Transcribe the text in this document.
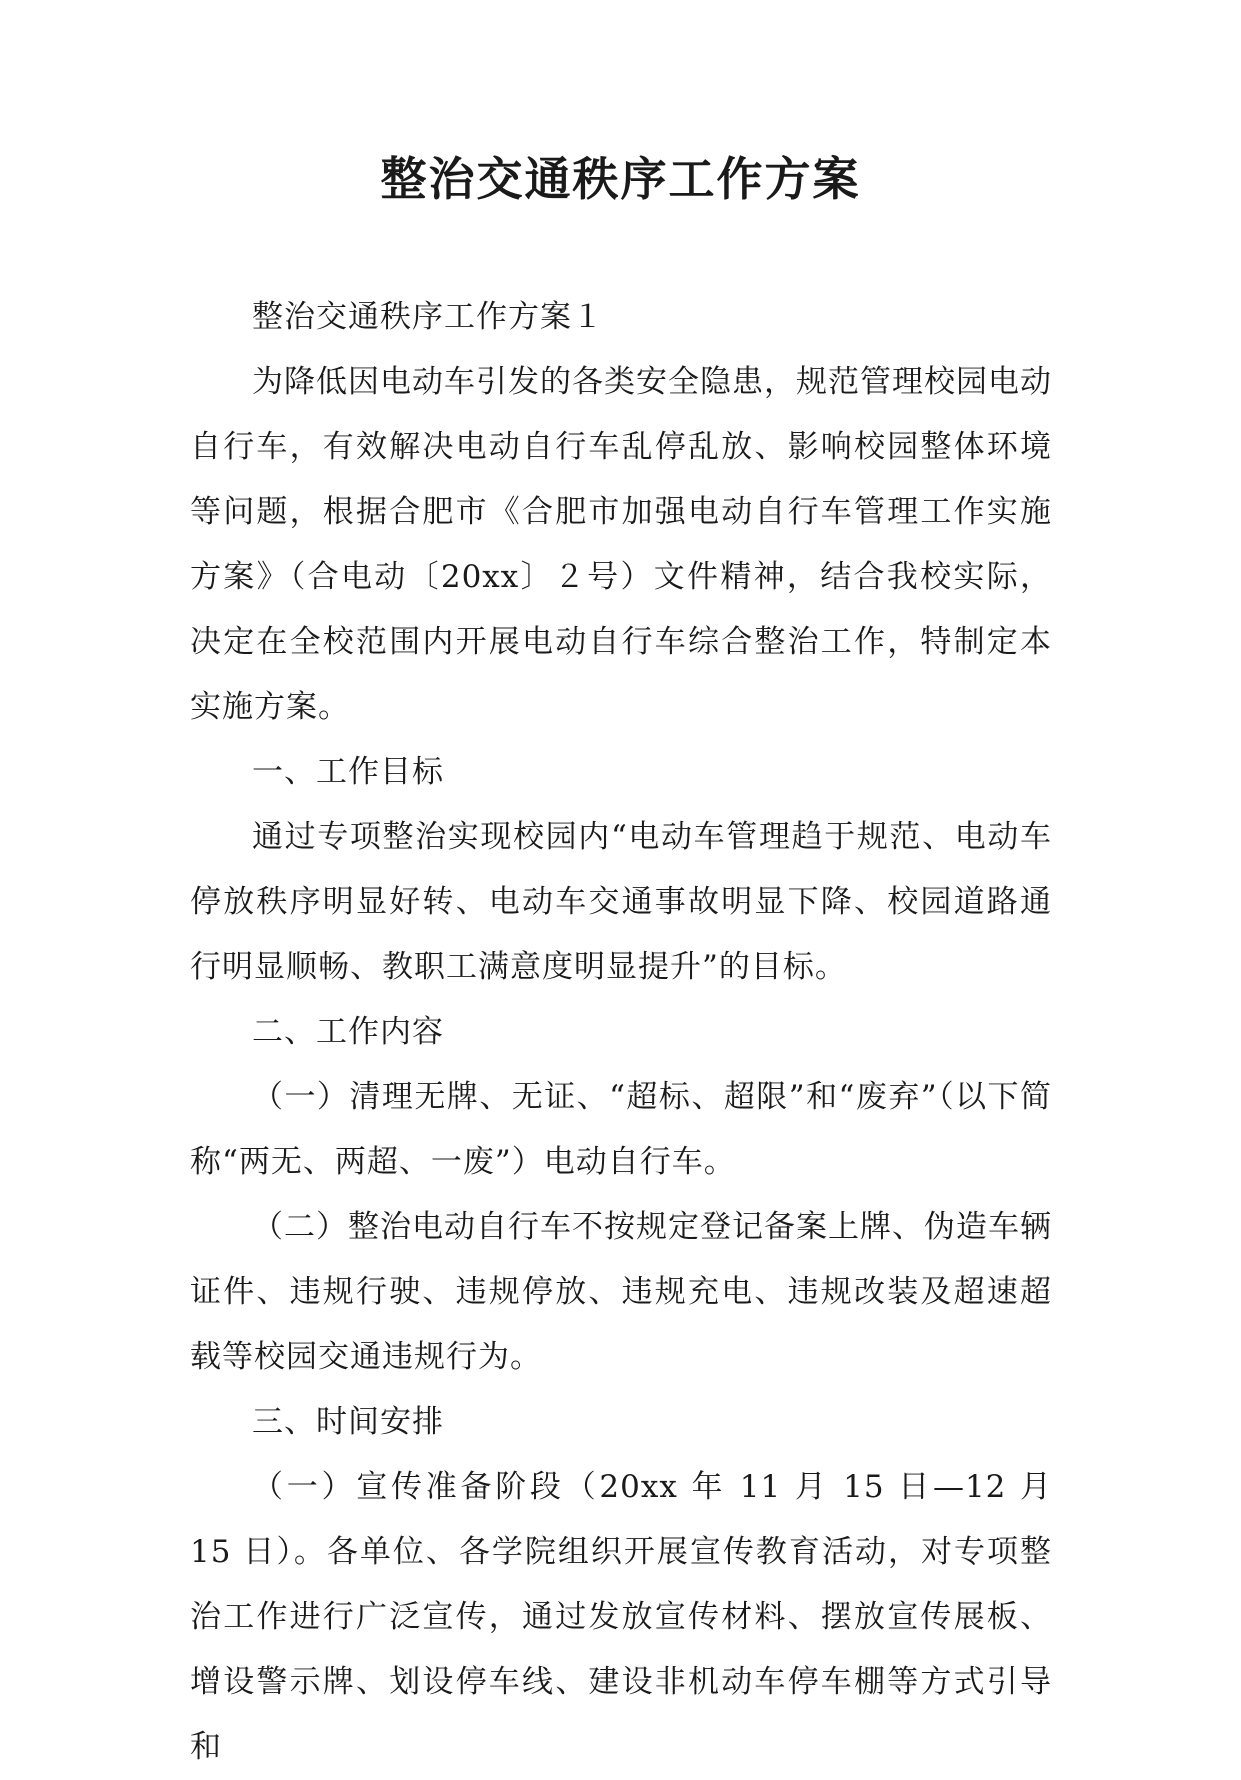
整治交通秩序工作方案

整治交通秩序工作方案１

为降低因电动车引发的各类安全隐患，规范管理校园电动自行车，有效解决电动自行车乱停乱放、影响校园整体环境等问题，根据合肥市《合肥市加强电动自行车管理工作实施方案》（合电动〔20xx〕２号）文件精神，结合我校实际，决定在全校范围内开展电动自行车综合整治工作，特制定本实施方案。

一、工作目标

通过专项整治实现校园内“电动车管理趋于规范、电动车停放秩序明显好转、电动车交通事故明显下降、校园道路通行明显顺畅、教职工满意度明显提升”的目标。

二、工作内容

（一）清理无牌、无证、“超标、超限”和“废弃”（以下简称“两无、两超、一废”）电动自行车。

（二）整治电动自行车不按规定登记备案上牌、伪造车辆证件、违规行驶、违规停放、违规充电、违规改装及超速超载等校园交通违规行为。

三、时间安排

（一）宣传准备阶段（20xx 年 11 月 15 日—12 月 15 日）。各单位、各学院组织开展宣传教育活动，对专项整治工作进行广泛宣传，通过发放宣传材料、摆放宣传展板、增设警示牌、划设停车线、建设非机动车停车棚等方式引导和
